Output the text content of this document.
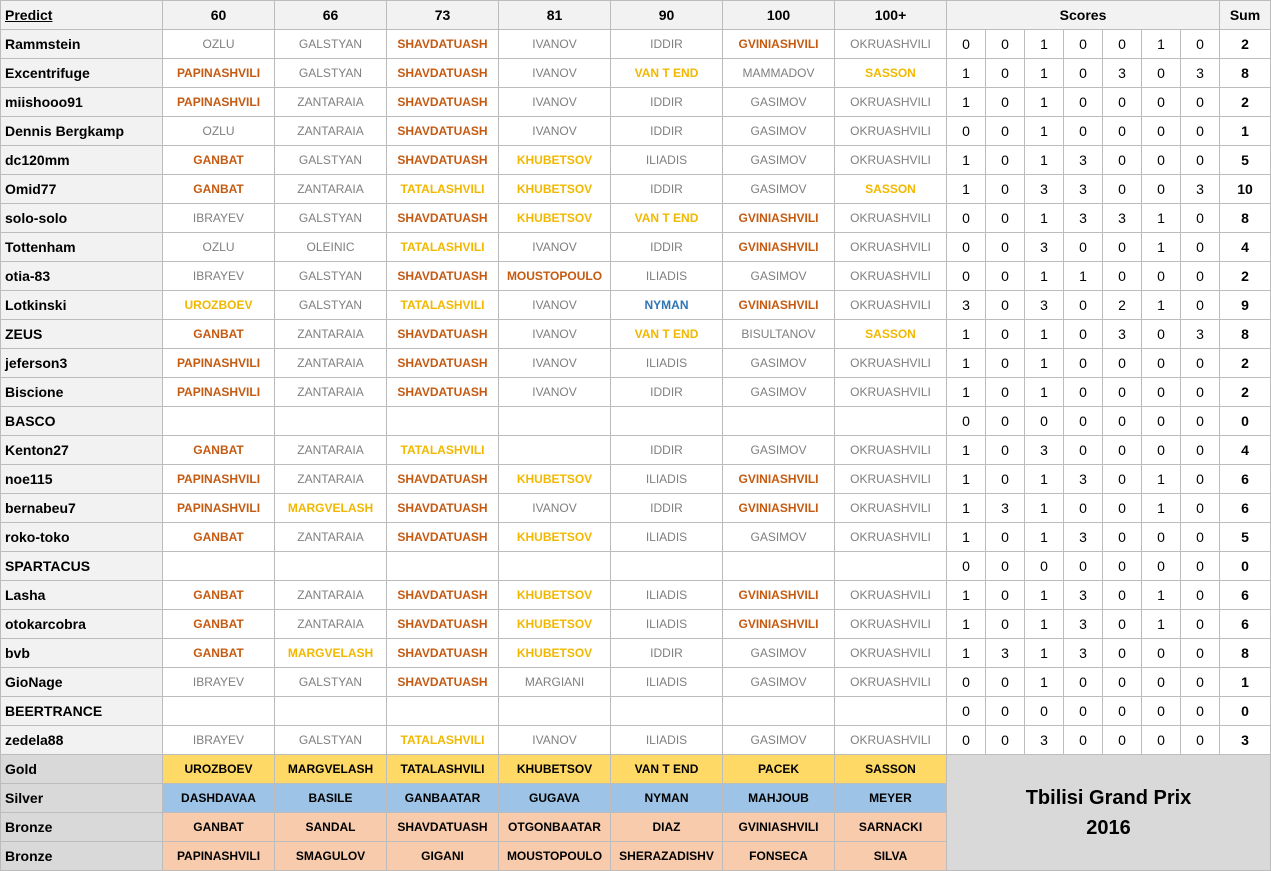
Predict	60	66	73	81	90	100	100+	Scores							Sum
Rammstein	OZLU	GALSTYAN	SHAVDATUASH	IVANOV	IDDIR	GVINIASHVILI	OKRUASHVILI	0	0	1	0	0	1	0	2
Excentrifuge	PAPINASHVILI	GALSTYAN	SHAVDATUASH	IVANOV	VAN T END	MAMMADOV	SASSON	1	0	1	0	3	0	3	8
miishooo91	PAPINASHVILI	ZANTARAIA	SHAVDATUASH	IVANOV	IDDIR	GASIMOV	OKRUASHVILI	1	0	1	0	0	0	0	2
Dennis Bergkamp	OZLU	ZANTARAIA	SHAVDATUASH	IVANOV	IDDIR	GASIMOV	OKRUASHVILI	0	0	1	0	0	0	0	1
dc120mm	GANBAT	GALSTYAN	SHAVDATUASH	KHUBETSOV	ILIADIS	GASIMOV	OKRUASHVILI	1	0	1	3	0	0	0	5
Omid77	GANBAT	ZANTARAIA	TATALASHVILI	KHUBETSOV	IDDIR	GASIMOV	SASSON	1	0	3	3	0	0	3	10
solo-solo	IBRAYEV	GALSTYAN	SHAVDATUASH	KHUBETSOV	VAN T END	GVINIASHVILI	OKRUASHVILI	0	0	1	3	3	1	0	8
Tottenham	OZLU	OLEINIC	TATALASHVILI	IVANOV	IDDIR	GVINIASHVILI	OKRUASHVILI	0	0	3	0	0	1	0	4
otia-83	IBRAYEV	GALSTYAN	SHAVDATUASH	MOUSTOPOULO	ILIADIS	GASIMOV	OKRUASHVILI	0	0	1	1	0	0	0	2
Lotkinski	UROZBOEV	GALSTYAN	TATALASHVILI	IVANOV	NYMAN	GVINIASHVILI	OKRUASHVILI	3	0	3	0	2	1	0	9
ZEUS	GANBAT	ZANTARAIA	SHAVDATUASH	IVANOV	VAN T END	BISULTANOV	SASSON	1	0	1	0	3	0	3	8
jeferson3	PAPINASHVILI	ZANTARAIA	SHAVDATUASH	IVANOV	ILIADIS	GASIMOV	OKRUASHVILI	1	0	1	0	0	0	0	2
Biscione	PAPINASHVILI	ZANTARAIA	SHAVDATUASH	IVANOV	IDDIR	GASIMOV	OKRUASHVILI	1	0	1	0	0	0	0	2
BASCO								0	0	0	0	0	0	0	0
Kenton27	GANBAT	ZANTARAIA	TATALASHVILI		IDDIR	GASIMOV	OKRUASHVILI	1	0	3	0	0	0	0	4
noe115	PAPINASHVILI	ZANTARAIA	SHAVDATUASH	KHUBETSOV	ILIADIS	GVINIASHVILI	OKRUASHVILI	1	0	1	3	0	1	0	6
bernabeu7	PAPINASHVILI	MARGVELASH	SHAVDATUASH	IVANOV	IDDIR	GVINIASHVILI	OKRUASHVILI	1	3	1	0	0	1	0	6
roko-toko	GANBAT	ZANTARAIA	SHAVDATUASH	KHUBETSOV	ILIADIS	GASIMOV	OKRUASHVILI	1	0	1	3	0	0	0	5
SPARTACUS								0	0	0	0	0	0	0	0
Lasha	GANBAT	ZANTARAIA	SHAVDATUASH	KHUBETSOV	ILIADIS	GVINIASHVILI	OKRUASHVILI	1	0	1	3	0	1	0	6
otokarcobra	GANBAT	ZANTARAIA	SHAVDATUASH	KHUBETSOV	ILIADIS	GVINIASHVILI	OKRUASHVILI	1	0	1	3	0	1	0	6
bvb	GANBAT	MARGVELASH	SHAVDATUASH	KHUBETSOV	IDDIR	GASIMOV	OKRUASHVILI	1	3	1	3	0	0	0	8
GioNage	IBRAYEV	GALSTYAN	SHAVDATUASH	MARGIANI	ILIADIS	GASIMOV	OKRUASHVILI	0	0	1	0	0	0	0	1
BEERTRANCE								0	0	0	0	0	0	0	0
zedela88	IBRAYEV	GALSTYAN	TATALASHVILI	IVANOV	ILIADIS	GASIMOV	OKRUASHVILI	0	0	3	0	0	0	0	3
Gold	UROZBOEV	MARGVELASH	TATALASHVILI	KHUBETSOV	VAN T END	PACEK	SASSON	Tbilisi Grand Prix
2016							

Silver	DASHDAVAA	BASILE	GANBAATAR	GUGAVA	NYMAN	MAHJOUB	MEYER								
Bronze	GANBAT	SANDAL	SHAVDATUASH	OTGONBAATAR	DIAZ	GVINIASHVILI	SARNACKI								
Bronze	PAPINASHVILI	SMAGULOV	GIGANI	MOUSTOPOULO	SHERAZADISHV	FONSECA	SILVA								
